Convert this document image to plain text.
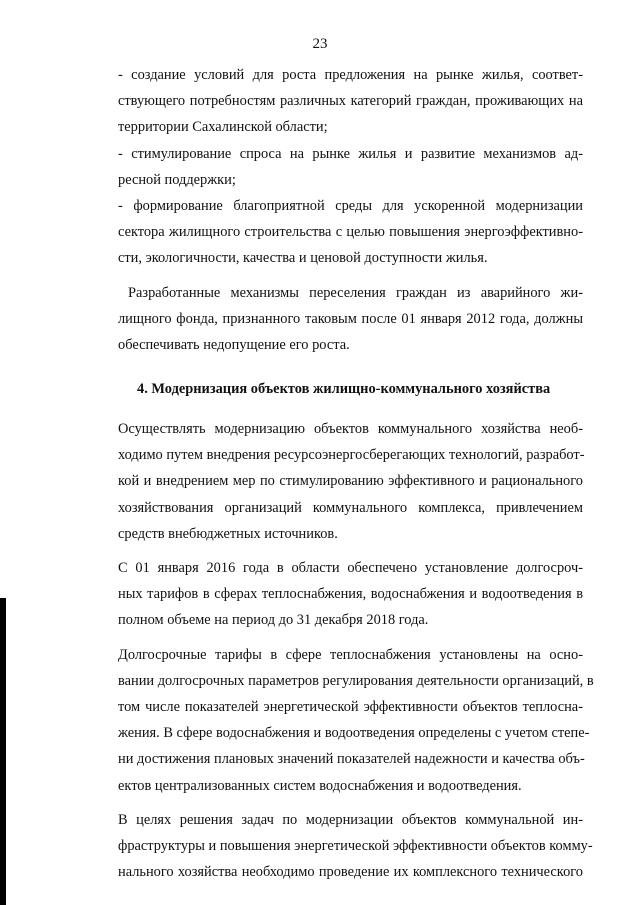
23
- создание условий для роста предложения на рынке жилья, соответ-
ствующего потребностям различных категорий граждан, проживающих на
территории Сахалинской области;
- стимулирование спроса на рынке жилья и развитие механизмов ад-
ресной поддержки;
- формирование благоприятной среды для ускоренной модернизации
сектора жилищного строительства с целью повышения энергоэффективно-
сти, экологичности, качества и ценовой доступности жилья.
Разработанные механизмы переселения граждан из аварийного жи-
лищного фонда, признанного таковым после 01 января 2012 года, должны
обеспечивать недопущение его роста.
4. Модернизация объектов жилищно-коммунального хозяйства
Осуществлять модернизацию объектов коммунального хозяйства необ-
ходимо путем внедрения ресурсоэнергосберегающих технологий, разработ-
кой и внедрением мер по стимулированию эффективного и рационального
хозяйствования организаций коммунального комплекса, привлечением
средств внебюджетных источников.
С 01 января 2016 года в области обеспечено установление долгосроч-
ных тарифов в сферах теплоснабжения, водоснабжения и водоотведения в
полном объеме на период до 31 декабря 2018 года.
Долгосрочные тарифы в сфере теплоснабжения установлены на осно-
вании долгосрочных параметров регулирования деятельности организаций, в
том числе показателей энергетической эффективности объектов теплосна-
жения. В сфере водоснабжения и водоотведения определены с учетом степе-
ни достижения плановых значений показателей надежности и качества объ-
ектов централизованных систем водоснабжения и водоотведения.
В целях решения задач по модернизации объектов коммунальной ин-
фраструктуры и повышения энергетической эффективности объектов комму-
нального хозяйства необходимо проведение их комплексного технического
